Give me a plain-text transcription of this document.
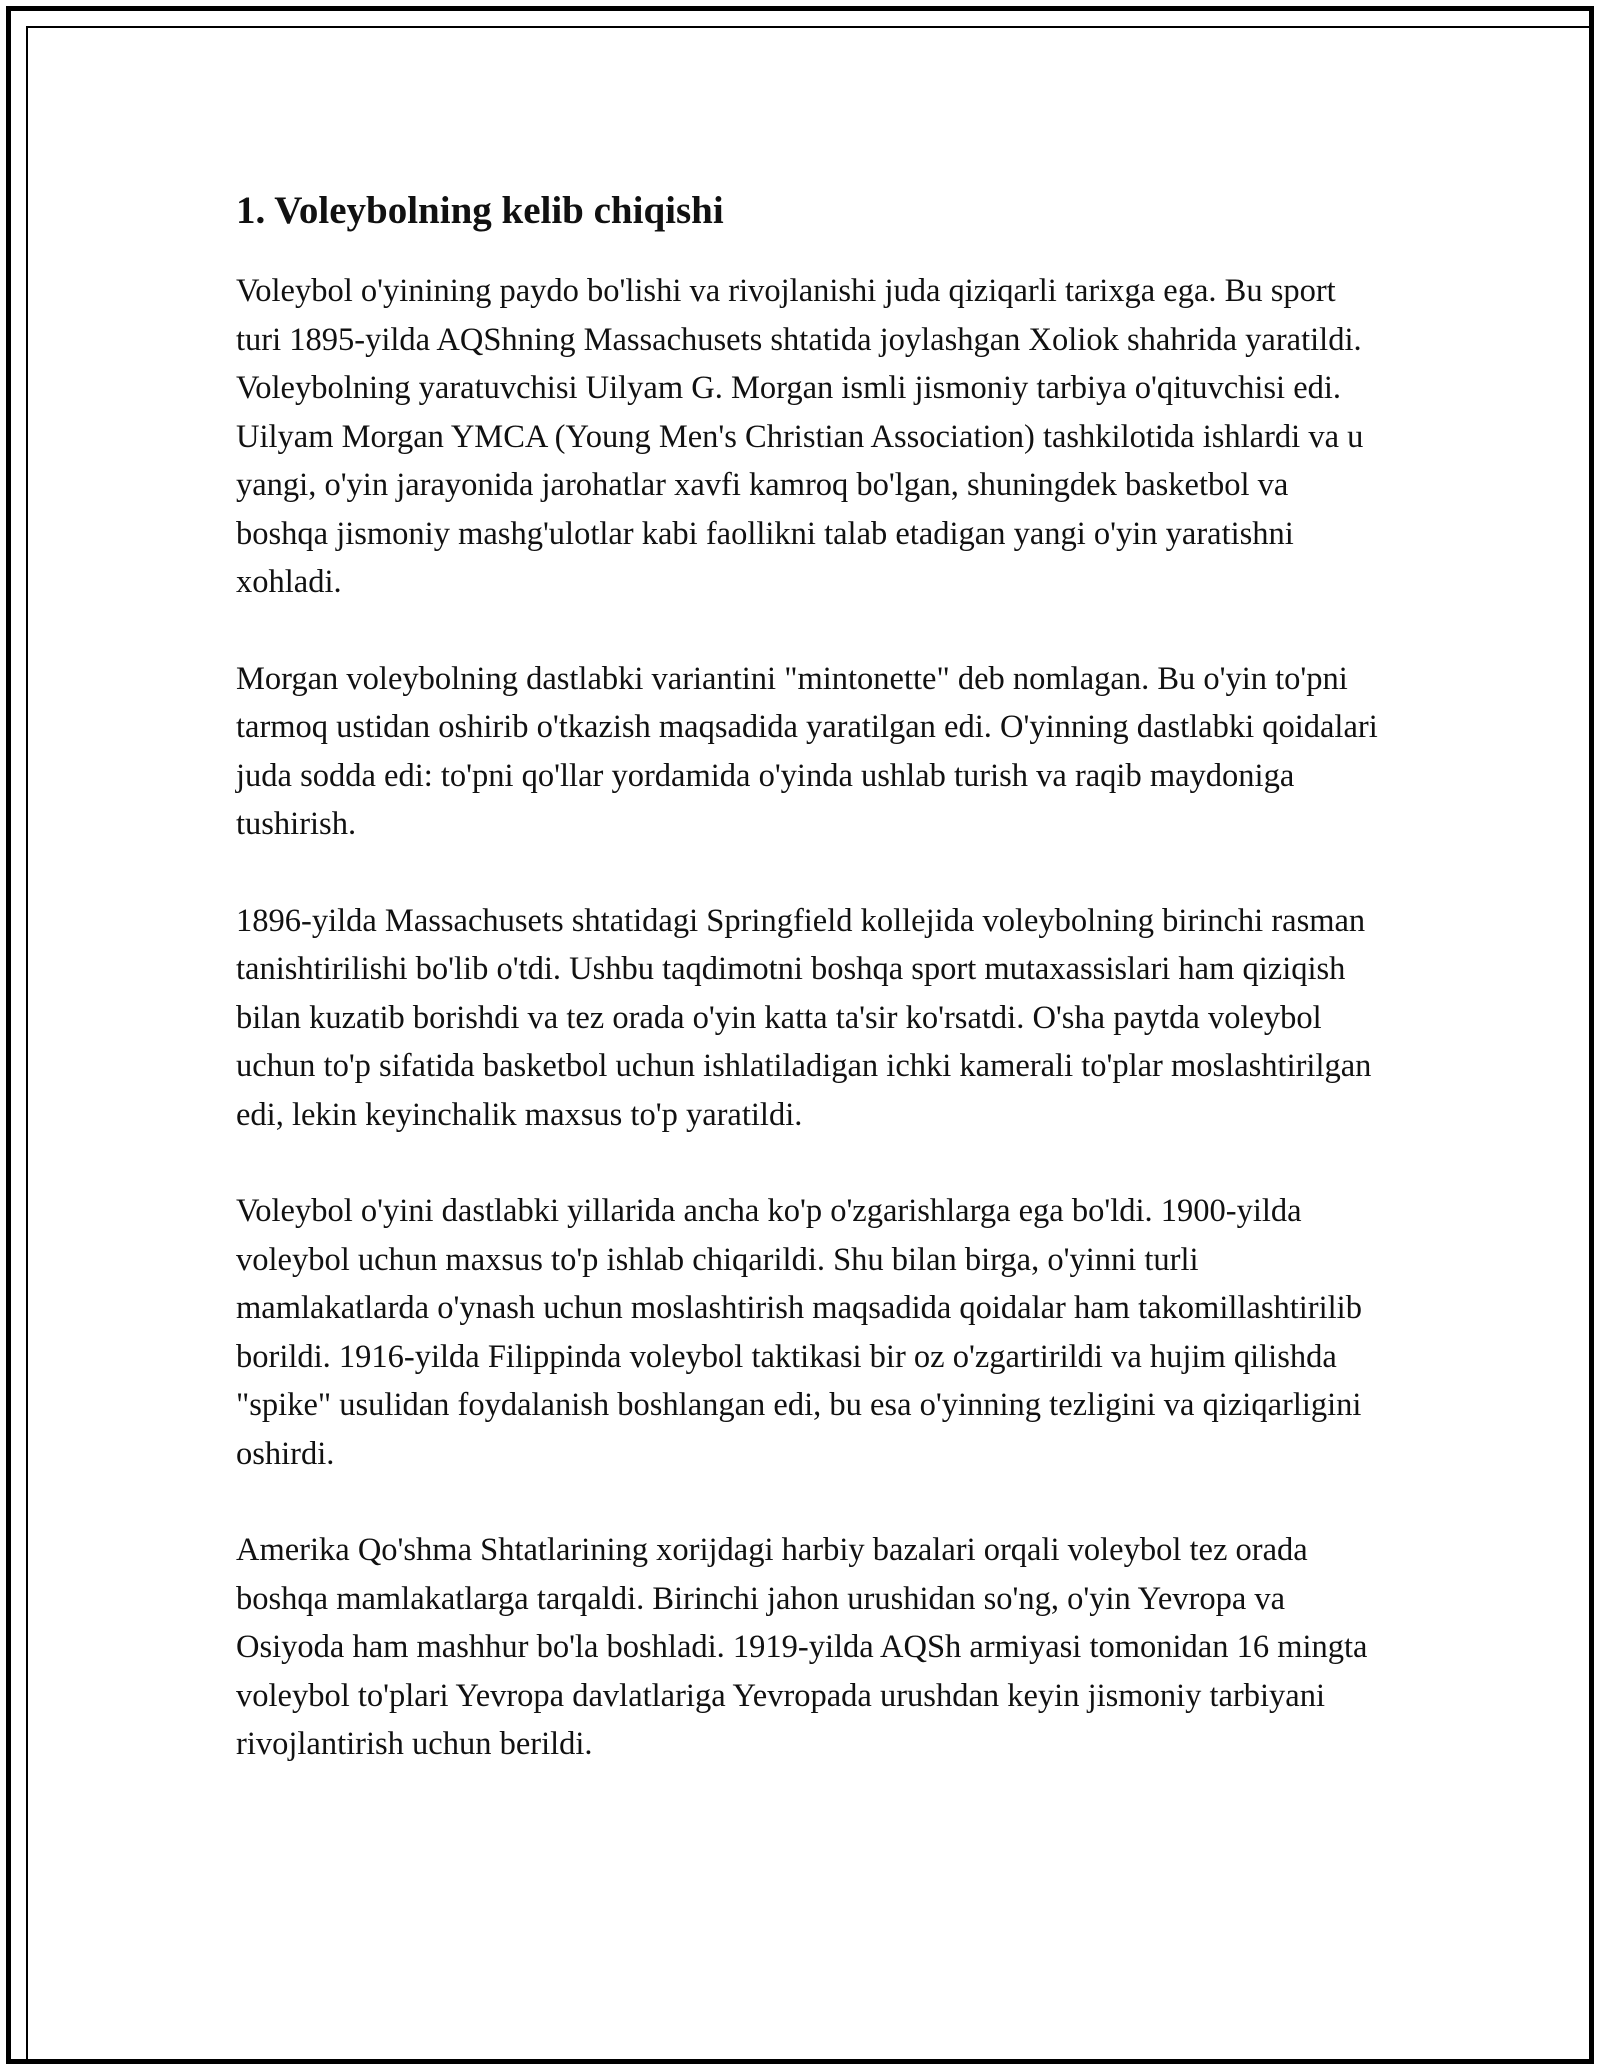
1. Voleybolning kelib chiqishi

Voleybol o'yinining paydo bo'lishi va rivojlanishi juda qiziqarli tarixga ega. Bu sport turi 1895-yilda AQShning Massachusets shtatida joylashgan Xoliok shahrida yaratildi. Voleybolning yaratuvchisi Uilyam G. Morgan ismli jismoniy tarbiya o'qituvchisi edi. Uilyam Morgan YMCA (Young Men's Christian Association) tashkilotida ishlardi va u yangi, o'yin jarayonida jarohatlar xavfi kamroq bo'lgan, shuningdek basketbol va boshqa jismoniy mashg'ulotlar kabi faollikni talab etadigan yangi o'yin yaratishni xohladi.

Morgan voleybolning dastlabki variantini "mintonette" deb nomlagan. Bu o'yin to'pni tarmoq ustidan oshirib o'tkazish maqsadida yaratilgan edi. O'yinning dastlabki qoidalari juda sodda edi: to'pni qo'llar yordamida o'yinda ushlab turish va raqib maydoniga tushirish.

1896-yilda Massachusets shtatidagi Springfield kollejida voleybolning birinchi rasman tanishtirilishi bo'lib o'tdi. Ushbu taqdimotni boshqa sport mutaxassislari ham qiziqish bilan kuzatib borishdi va tez orada o'yin katta ta'sir ko'rsatdi. O'sha paytda voleybol uchun to'p sifatida basketbol uchun ishlatiladigan ichki kamerali to'plar moslashtirilgan edi, lekin keyinchalik maxsus to'p yaratildi.

Voleybol o'yini dastlabki yillarida ancha ko'p o'zgarishlarga ega bo'ldi. 1900-yilda voleybol uchun maxsus to'p ishlab chiqarildi. Shu bilan birga, o'yinni turli mamlakatlarda o'ynash uchun moslashtirish maqsadida qoidalar ham takomillashtirilib borildi. 1916-yilda Filippinda voleybol taktikasi bir oz o'zgartirildi va hujim qilishda "spike" usulidan foydalanish boshlangan edi, bu esa o'yinning tezligini va qiziqarligini oshirdi.

Amerika Qo'shma Shtatlarining xorijdagi harbiy bazalari orqali voleybol tez orada boshqa mamlakatlarga tarqaldi. Birinchi jahon urushidan so'ng, o'yin Yevropa va Osiyoda ham mashhur bo'la boshladi. 1919-yilda AQSh armiyasi tomonidan 16 mingta voleybol to'plari Yevropa davlatlariga Yevropada urushdan keyin jismoniy tarbiyani rivojlantirish uchun berildi.
